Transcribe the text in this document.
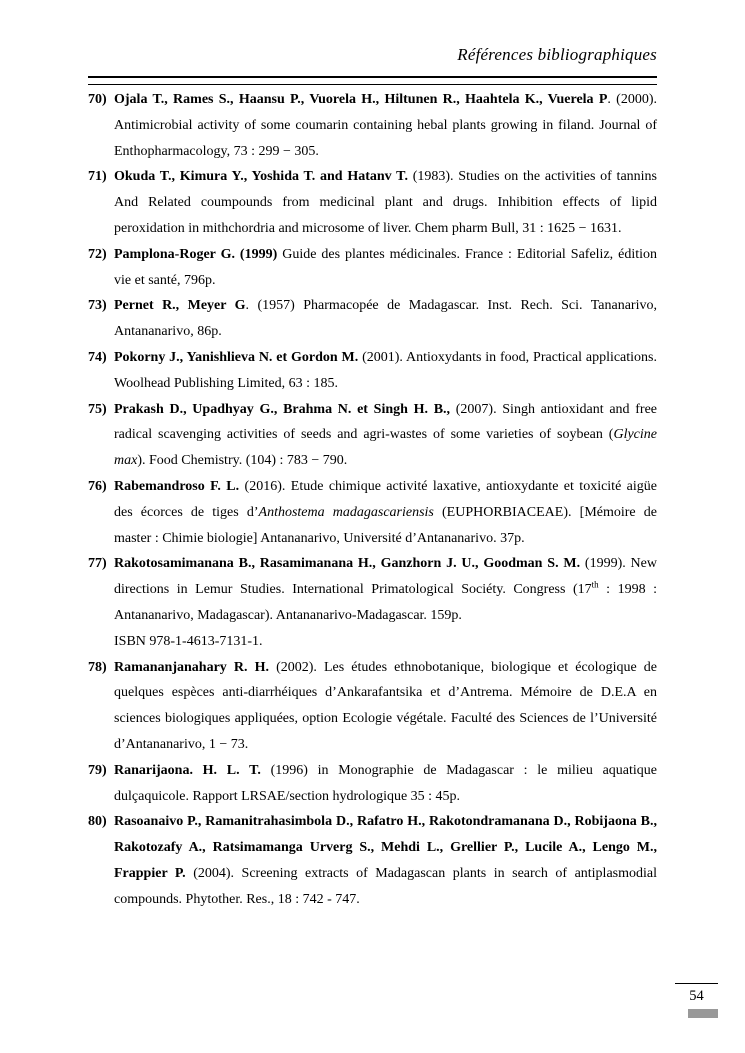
Références bibliographiques

70) Ojala T., Rames S., Haansu P., Vuorela H., Hiltunen R., Haahtela K., Vuerela P. (2000). Antimicrobial activity of some coumarin containing hebal plants growing in filand. Journal of Enthopharmacology, 73 : 299 − 305.

71) Okuda T., Kimura Y., Yoshida T. and Hatanv T. (1983). Studies on the activities of tannins And Related coumpounds from medicinal plant and drugs. Inhibition effects of lipid peroxidation in mithchordria and microsome of liver. Chem pharm Bull, 31 : 1625 − 1631.

72) Pamplona-Roger G. (1999) Guide des plantes médicinales. France : Editorial Safeliz, édition vie et santé, 796p.

73) Pernet R., Meyer G. (1957) Pharmacopée de Madagascar. Inst. Rech. Sci. Tananarivo, Antananarivo, 86p.

74) Pokorny J., Yanishlieva N. et Gordon M. (2001). Antioxydants in food, Practical applications. Woolhead Publishing Limited, 63 : 185.

75) Prakash D., Upadhyay G., Brahma N. et Singh H. B., (2007). Singh antioxidant and free radical scavenging activities of seeds and agri-wastes of some varieties of soybean (Glycine max). Food Chemistry. (104) : 783 − 790.

76) Rabemandroso F. L. (2016). Etude chimique activité laxative, antioxydante et toxicité aigüe des écorces de tiges d’Anthostema madagascariensis (EUPHORBIACEAE). [Mémoire de master : Chimie biologie] Antananarivo, Université d’Antananarivo. 37p.

77) Rakotosamimanana B., Rasamimanana H., Ganzhorn J. U., Goodman S. M. (1999). New directions in Lemur Studies. International Primatological Sociéty. Congress (17th : 1998 : Antananarivo, Madagascar). Antananarivo-Madagascar. 159p.
ISBN 978-1-4613-7131-1.

78) Ramananjanahary R. H. (2002). Les études ethnobotanique, biologique et écologique de quelques espèces anti-diarrhéiques d’Ankarafantsika et d’Antrema. Mémoire de D.E.A en sciences biologiques appliquées, option Ecologie végétale. Faculté des Sciences de l’Université d’Antananarivo, 1 − 73.

79) Ranarijaona. H. L. T. (1996) in Monographie de Madagascar : le milieu aquatique dulçaquicole. Rapport LRSAE/section hydrologique 35 : 45p.

80) Rasoanaivo P., Ramanitrahasimbola D., Rafatro H., Rakotondramanana D., Robijaona B., Rakotozafy A., Ratsimamanga Urverg S., Mehdi L., Grellier P., Lucile A., Lengo M., Frappier P. (2004). Screening extracts of Madagascan plants in search of antiplasmodial compounds. Phytother. Res., 18 : 742 - 747.

54
